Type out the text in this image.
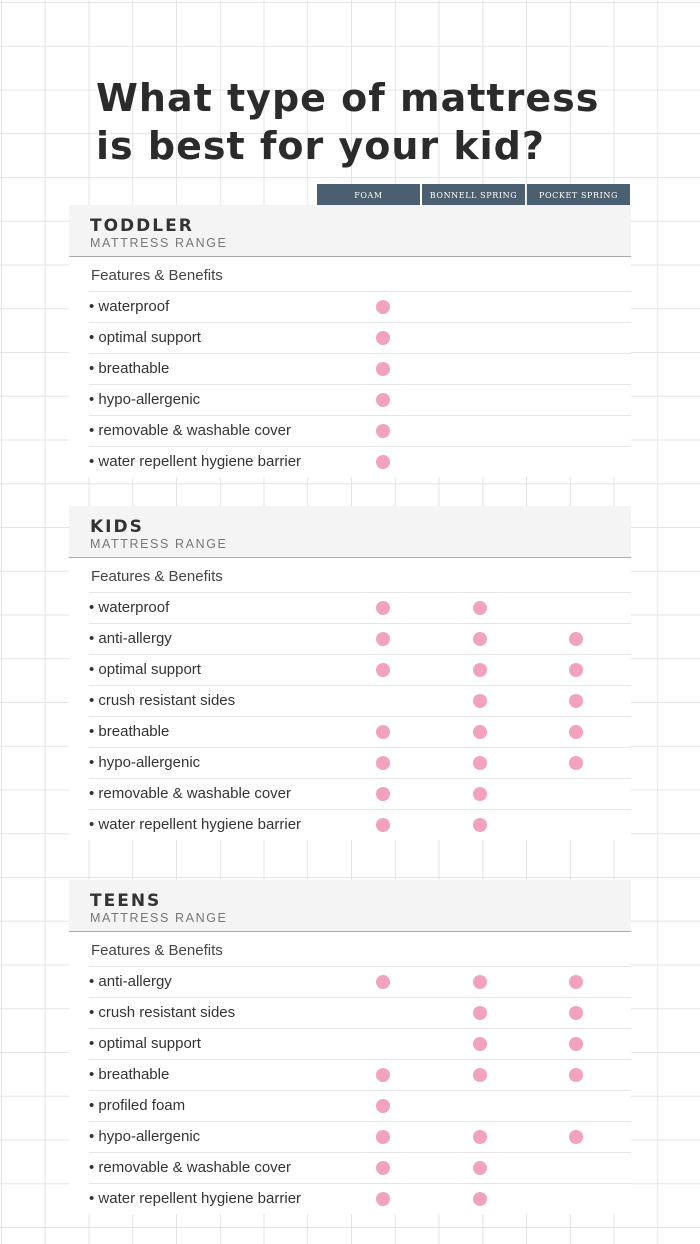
What type of mattress
is best for your kid?
FOAM	BONNELL SPRING	POCKET SPRING
TODDLER
MATTRESS RANGE
Features & Benefits
• waterproof
• optimal support
• breathable
• hypo-allergenic
• removable & washable cover
• water repellent hygiene barrier
KIDS
MATTRESS RANGE
Features & Benefits
• waterproof
• anti-allergy
• optimal support
• crush resistant sides
• breathable
• hypo-allergenic
• removable & washable cover
• water repellent hygiene barrier
TEENS
MATTRESS RANGE
Features & Benefits
• anti-allergy
• crush resistant sides
• optimal support
• breathable
• profiled foam
• hypo-allergenic
• removable & washable cover
• water repellent hygiene barrier
